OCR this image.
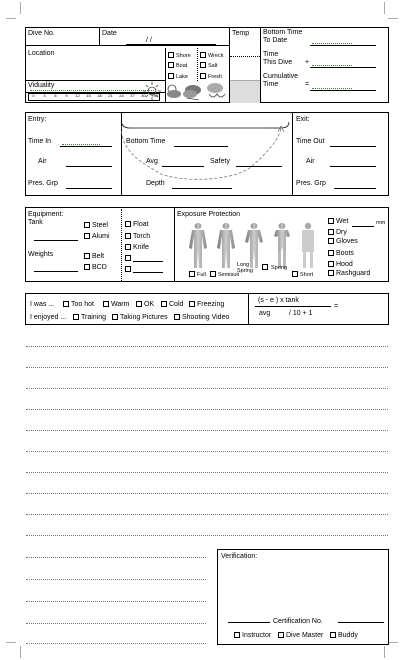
Dive No.	Date
/ /
Temp
Location	Shore	Wreck
Boat	Salt
Lake	Fresh
Viduality
0	3	6	9	12	15	18	21	24	27	30	+30
Bottom Time
To Date
Time
This Dive +
Cumulative
Time	=
Entry:
Time In
Air
Pres. Grp
Bottom Time
Avg	Safety
Depth
Exit:
Time Out
Air
Pres. Grp
Equipment:
Tank	Steel
Alumi
Weights	Belt
BCD
Float
Torch
Knife
Exposure Protection
Full	Semisuit
Long
Spring	Spring
Short
Wet	mm
Dry
Gloves
Boots
Hood
Rashguard
I was ...	Too hot	Warm	OK	Cold	Freezing
I enjoyed ...	Training	Taking Pictures	Shooting Video
(s - e ) x tank
avg	/ 10 + 1
=
Verification:
Certification No.
Instructor	Dive Master	Buddy
